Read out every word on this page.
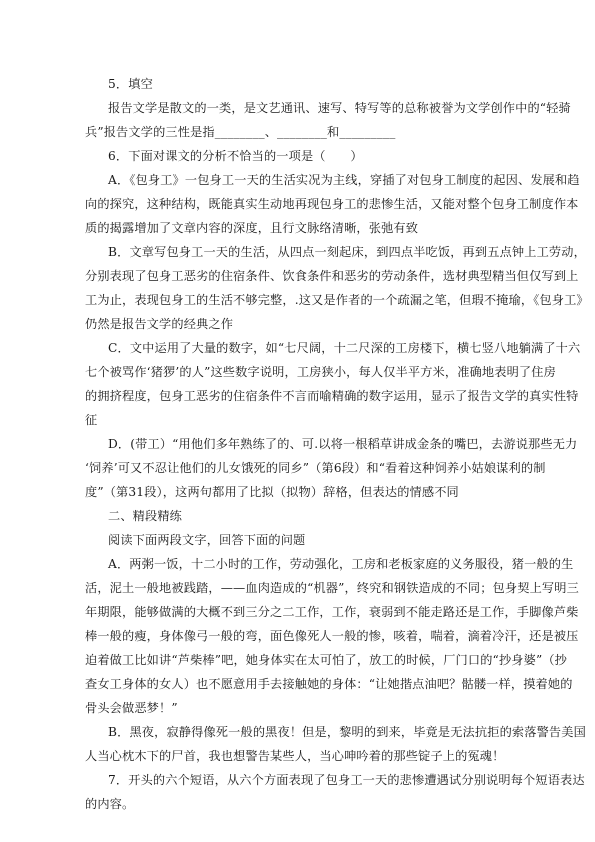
5．填空
报告文学是散文的一类，是文艺通讯、速写、特写等的总称被誉为文学创作中的“轻骑
兵”报告文学的三性是指________、________和_________
6．下面对课文的分析不恰当的一项是（　　）
A．《包身工》一包身工一天的生活实况为主线，穿插了对包身工制度的起因、发展和趋
向的探究，这种结构，既能真实生动地再现包身工的悲惨生活，又能对整个包身工制度作本
质的揭露增加了文章内容的深度，且行文脉络清晰，张弛有致
B．文章写包身工一天的生活，从四点一刻起床，到四点半吃饭，再到五点钟上工劳动，
分别表现了包身工恶劣的住宿条件、饮食条件和恶劣的劳动条件，选材典型精当但仅写到上
工为止，表现包身工的生活不够完整，.这又是作者的一个疏漏之笔，但瑕不掩瑜，《包身工》
仍然是报告文学的经典之作
C．文中运用了大量的数字，如“七尺阔，十二尺深的工房楼下，横七竖八地躺满了十六
七个被骂作‘猪猡’的人”这些数字说明，工房狭小，每人仅半平方米，准确地表明了住房
的拥挤程度，包身工恶劣的住宿条件不言而喻精确的数字运用，显示了报告文学的真实性特
征
D．(带工）“用他们多年熟练了的、可.以将一根稻草讲成金条的嘴巴，去游说那些无力
‘饲养’可又不忍让他们的儿女饿死的同乡”（第6段）和“看着这种饲养小姑娘谋利的制
度”（第31段），这两句都用了比拟（拟物）辞格，但表达的情感不同
二、精段精练
阅读下面两段文字，回答下面的问题
A．两粥一饭，十二小时的工作，劳动强化，工房和老板家庭的义务服役，猪一般的生
活，泥土一般地被践踏，——血肉造成的“机器”，终究和钢铁造成的不同；包身契上写明三
年期限，能够做满的大概不到三分之二工作，工作，衰弱到不能走路还是工作，手脚像芦柴
棒一般的瘦，身体像弓一般的弯，面色像死人一般的惨，咳着，喘着，滴着冷汗，还是被压
迫着做工比如讲“芦柴棒”吧，她身体实在太可怕了，放工的时候，厂门口的“抄身婆”（抄
查女工身体的女人）也不愿意用手去接触她的身体：“让她揩点油吧？骷髅一样，摸着她的
骨头会做恶梦！”
B．黑夜，寂静得像死一般的黑夜！但是，黎明的到来，毕竟是无法抗拒的索落警告美国
人当心枕木下的尸首，我也想警告某些人，当心呻吟着的那些锭子上的冤魂！
7．开头的六个短语，从六个方面表现了包身工一天的悲惨遭遇试分别说明每个短语表达
的内容。
